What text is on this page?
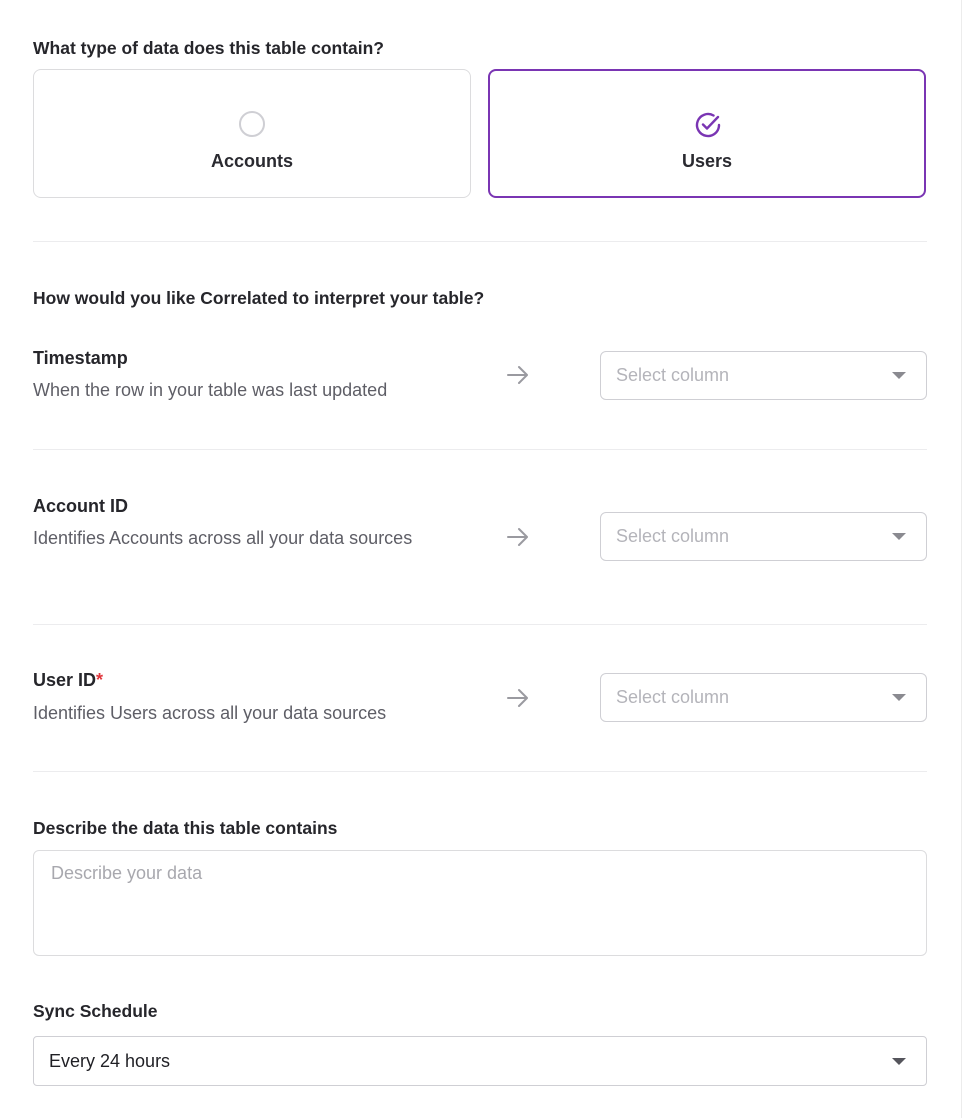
What type of data does this table contain?
Accounts	Users
How would you like Correlated to interpret your table?
Timestamp
When the row in your table was last updated
Select column
Account ID
Identifies Accounts across all your data sources	Select column
User ID*
Identifies Users across all your data sources
Select column
Describe the data this table contains
Describe your data
Sync Schedule
Every 24 hours
